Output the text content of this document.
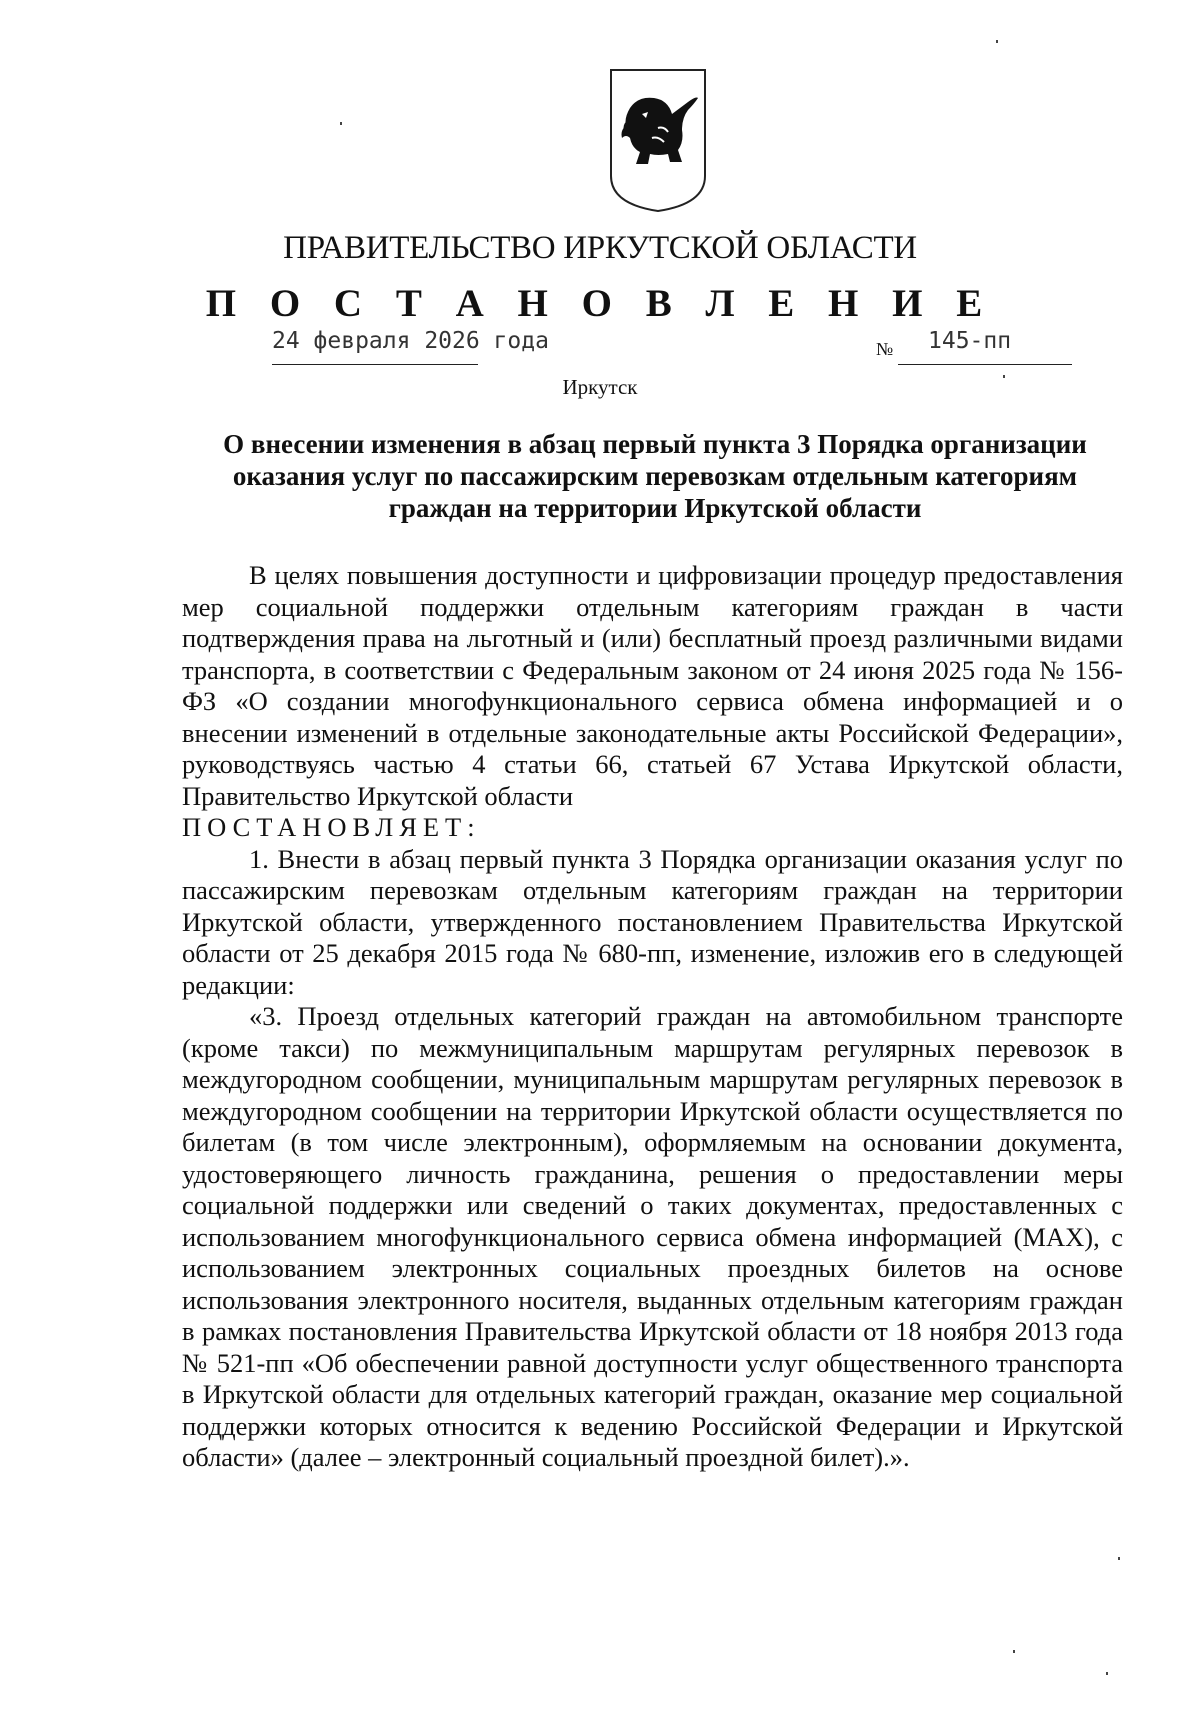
ПРАВИТЕЛЬСТВО ИРКУТСКОЙ ОБЛАСТИ
П О С Т А Н О В Л Е Н И Е
24 февраля 2026 года	№ 145-пп
Иркутск
О внесении изменения в абзац первый пункта 3 Порядка организации оказания услуг по пассажирским перевозкам отдельным категориям граждан на территории Иркутской области

В целях повышения доступности и цифровизации процедур предоставления мер социальной поддержки отдельным категориям граждан в части подтверждения права на льготный и (или) бесплатный проезд различными видами транспорта, в соответствии с Федеральным законом от 24 июня 2025 года № 156-ФЗ «О создании многофункционального сервиса обмена информацией и о внесении изменений в отдельные законодательные акты Российской Федерации», руководствуясь частью 4 статьи 66, статьей 67 Устава Иркутской области, Правительство Иркутской области

ПОСТАНОВЛЯЕТ:

1. Внести в абзац первый пункта 3 Порядка организации оказания услуг по пассажирским перевозкам отдельным категориям граждан на территории Иркутской области, утвержденного постановлением Правительства Иркутской области от 25 декабря 2015 года № 680-пп, изменение, изложив его в следующей редакции:

«3. Проезд отдельных категорий граждан на автомобильном транспорте (кроме такси) по межмуниципальным маршрутам регулярных перевозок в междугородном сообщении, муниципальным маршрутам регулярных перевозок в междугородном сообщении на территории Иркутской области осуществляется по билетам (в том числе электронным), оформляемым на основании документа, удостоверяющего личность гражданина, решения о предоставлении меры социальной поддержки или сведений о таких документах, предоставленных с использованием многофункционального сервиса обмена информацией (MAX), с использованием электронных социальных проездных билетов на основе использования электронного носителя, выданных отдельным категориям граждан в рамках постановления Правительства Иркутской области от 18 ноября 2013 года № 521-пп «Об обеспечении равной доступности услуг общественного транспорта в Иркутской области для отдельных категорий граждан, оказание мер социальной поддержки которых относится к ведению Российской Федерации и Иркутской области» (далее – электронный социальный проездной билет).».
